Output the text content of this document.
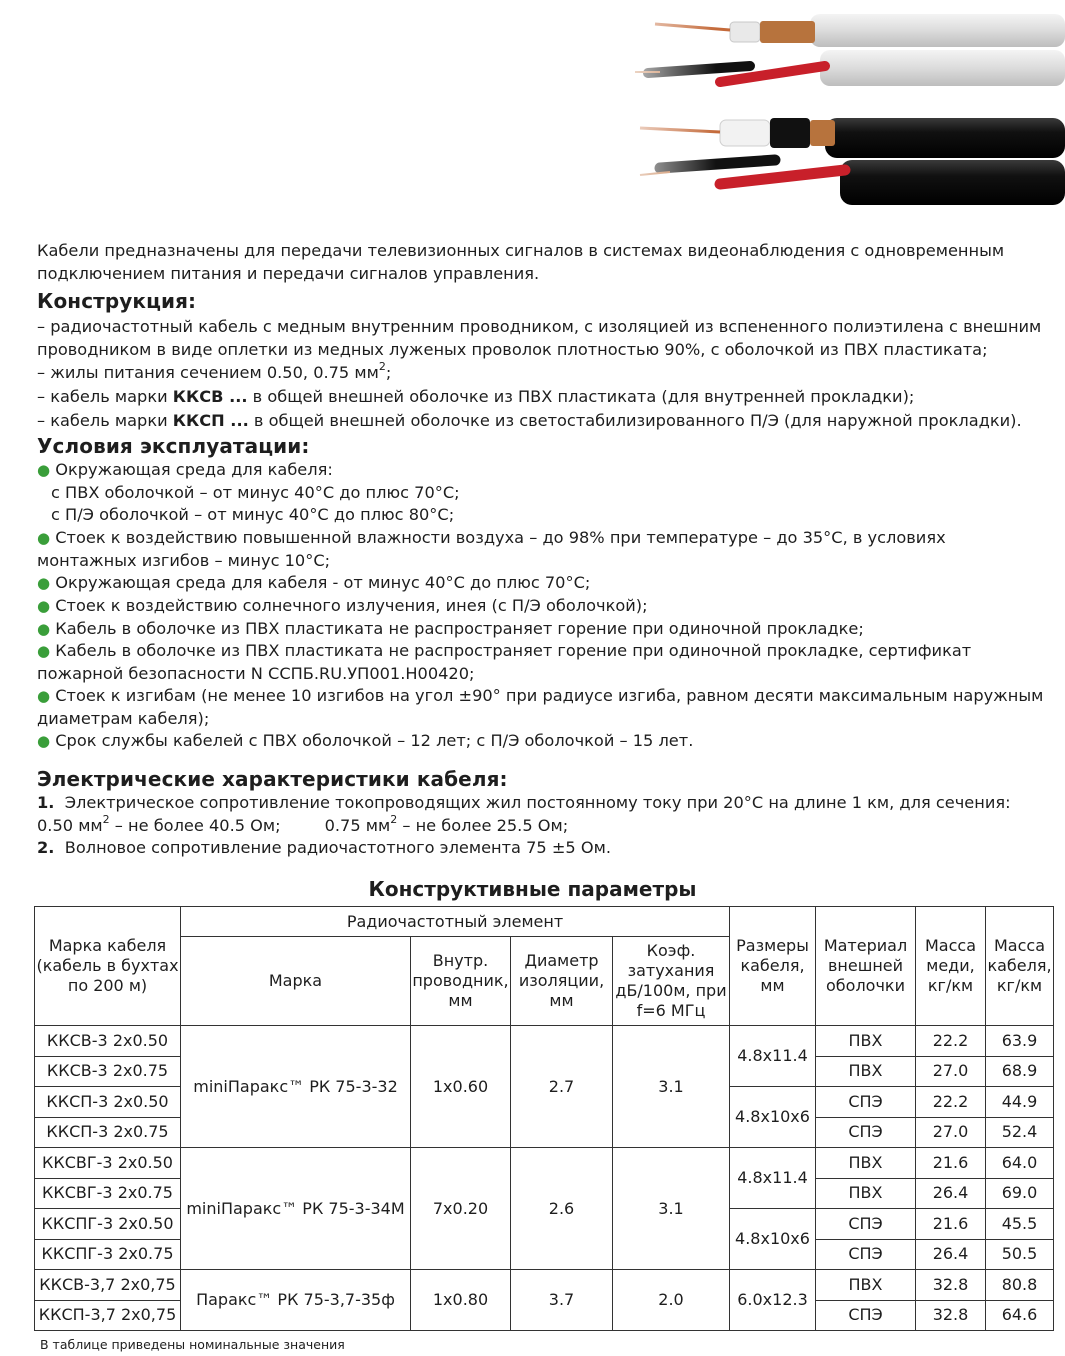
Кабели предназначены для передачи телевизионных сигналов в системах видеонаблюдения с одновременным подключением питания и передачи сигналов управления.

Конструкция:

– радиочастотный кабель с медным внутренним проводником, с изоляцией из вспененного полиэтилена с внешним проводником в виде оплетки из медных луженых проволок плотностью 90%, с оболочкой из ПВХ пластиката;

– жилы питания сечением 0.50, 0.75 $мм^2$;

– кабель марки ККСВ ... в общей внешней оболочке из ПВХ пластиката (для внутренней прокладки);

– кабель марки ККСП ... в общей внешней оболочке из светостабилизированного П/Э (для наружной прокладки).

Условия эксплуатации:

● Окружающая среда для кабеля:

с ПВХ оболочкой – от минус 40°С до плюс 70°С;

с П/Э оболочкой – от минус 40°С до плюс 80°С;

● Стоек к воздействию повышенной влажности воздуха – до 98% при температуре – до 35°С, в условиях монтажных изгибов – минус 10°С;

● Окружающая среда для кабеля - от минус 40°С до плюс 70°С;

● Стоек к воздействию солнечного излучения, инея (с П/Э оболочкой);

● Кабель в оболочке из ПВХ пластиката не распространяет горение при одиночной прокладке;

● Кабель в оболочке из ПВХ пластиката не распространяет горение при одиночной прокладке, сертификат пожарной безопасности N ССПБ.RU.УП001.Н00420;

● Стоек к изгибам (не менее 10 изгибов на угол ±90° при радиусе изгиба, равном десяти максимальным наружным диаметрам кабеля);

● Срок службы кабелей с ПВХ оболочкой – 12 лет; с П/Э оболочкой – 15 лет.

Электрические характеристики кабеля:

1. Электрическое сопротивление токопроводящих жил постоянному току при 20°С на длине 1 км, для сечения:

0.50 $мм^2$ – не более 40.5 Ом;	0.75 $мм^2$ – не более 25.5 Ом;

2. Волновое сопротивление радиочастотного элемента 75 ±5 Ом.

Конструктивные параметры
Марка кабеля (кабель в бухтах по 200 м)	Радиочастотный элемент				Размеры кабеля, мм	Материал внешней оболочки	Масса меди, кг/км	Масса кабеля, кг/км
	Марка	Внутр. проводник, мм	Диаметр изоляции, мм	Коэф. затухания дБ/100м, при f=6 МГц				
ККСВ-3 2х0.50	miniПаракс™ РК 75-3-32	1x0.60	2.7	3.1	4.8x11.4	ПВХ	22.2	63.9
ККСВ-3 2х0.75						ПВХ	27.0	68.9
ККСП-3 2х0.50					4.8x10x6	СПЭ	22.2	44.9
ККСП-3 2х0.75						СПЭ	27.0	52.4
ККСВГ-3 2х0.50	miniПаракс™ РК 75-3-34М	7x0.20	2.6	3.1	4.8x11.4	ПВХ	21.6	64.0
ККСВГ-3 2х0.75						ПВХ	26.4	69.0
ККСПГ-3 2х0.50					4.8x10x6	СПЭ	21.6	45.5
ККСПГ-3 2х0.75						СПЭ	26.4	50.5
ККСВ-3,7 2х0,75	Паракс™ РК 75-3,7-35ф	1x0.80	3.7	2.0	6.0x12.3	ПВХ	32.8	80.8
ККСП-3,7 2х0,75						СПЭ	32.8	64.6
В таблице приведены номинальные значения
